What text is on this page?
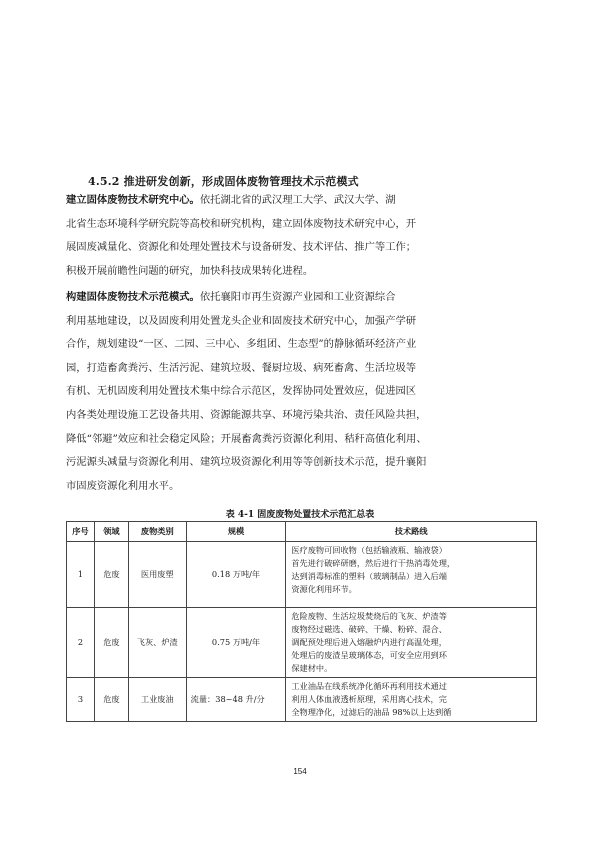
4.5.2 推进研发创新，形成固体废物管理技术示范模式

建立固体废物技术研究中心。依托湖北省的武汉理工大学、武汉大学、湖
北省生态环境科学研究院等高校和研究机构，建立固体废物技术研究中心，开
展固废减量化、资源化和处理处置技术与设备研发、技术评估、推广等工作；
积极开展前瞻性问题的研究，加快科技成果转化进程。

构建固体废物技术示范模式。依托襄阳市再生资源产业园和工业资源综合
利用基地建设，以及固废利用处置龙头企业和固废技术研究中心，加强产学研
合作，规划建设“一区、二园、三中心、多组团、生态型”的静脉循环经济产业
园，打造畜禽粪污、生活污泥、建筑垃圾、餐厨垃圾、病死畜禽、生活垃圾等
有机、无机固废利用处置技术集中综合示范区，发挥协同处置效应，促进园区
内各类处理设施工艺设备共用、资源能源共享、环境污染共治、责任风险共担，
降低“邻避”效应和社会稳定风险；开展畜禽粪污资源化利用、秸秆高值化利用、
污泥源头减量与资源化利用、建筑垃圾资源化利用等等创新技术示范，提升襄阳
市固废资源化利用水平。

表 4-1 固废废物处置技术示范汇总表
序号	领域	废物类别	规模	技术路线
1	危废	医用废塑	0.18 万吨/年	医疗废物可回收物（包括输液瓶、输液袋）
首先进行破碎研磨，然后进行干热消毒处理，
达到消毒标准的塑料（玻璃制品）进入后端
资源化利用环节。

2	危废	飞灰、炉渣	0.75 万吨/年	危险废物、生活垃圾焚烧后的飞灰、炉渣等
废物经过磁选、破碎、干燥、粉碎、混合、
调配预处理后进入熔融炉内进行高温处理，
处理后的废渣呈玻璃体态，可安全应用到环
保建材中。

3	危废	工业废油	流量：38~48 升/分	工业油品在线系统净化循环再利用技术通过
利用人体血液透析原理，采用离心技术，完
全物理净化，过滤后的油品 98%以上达到循
154
